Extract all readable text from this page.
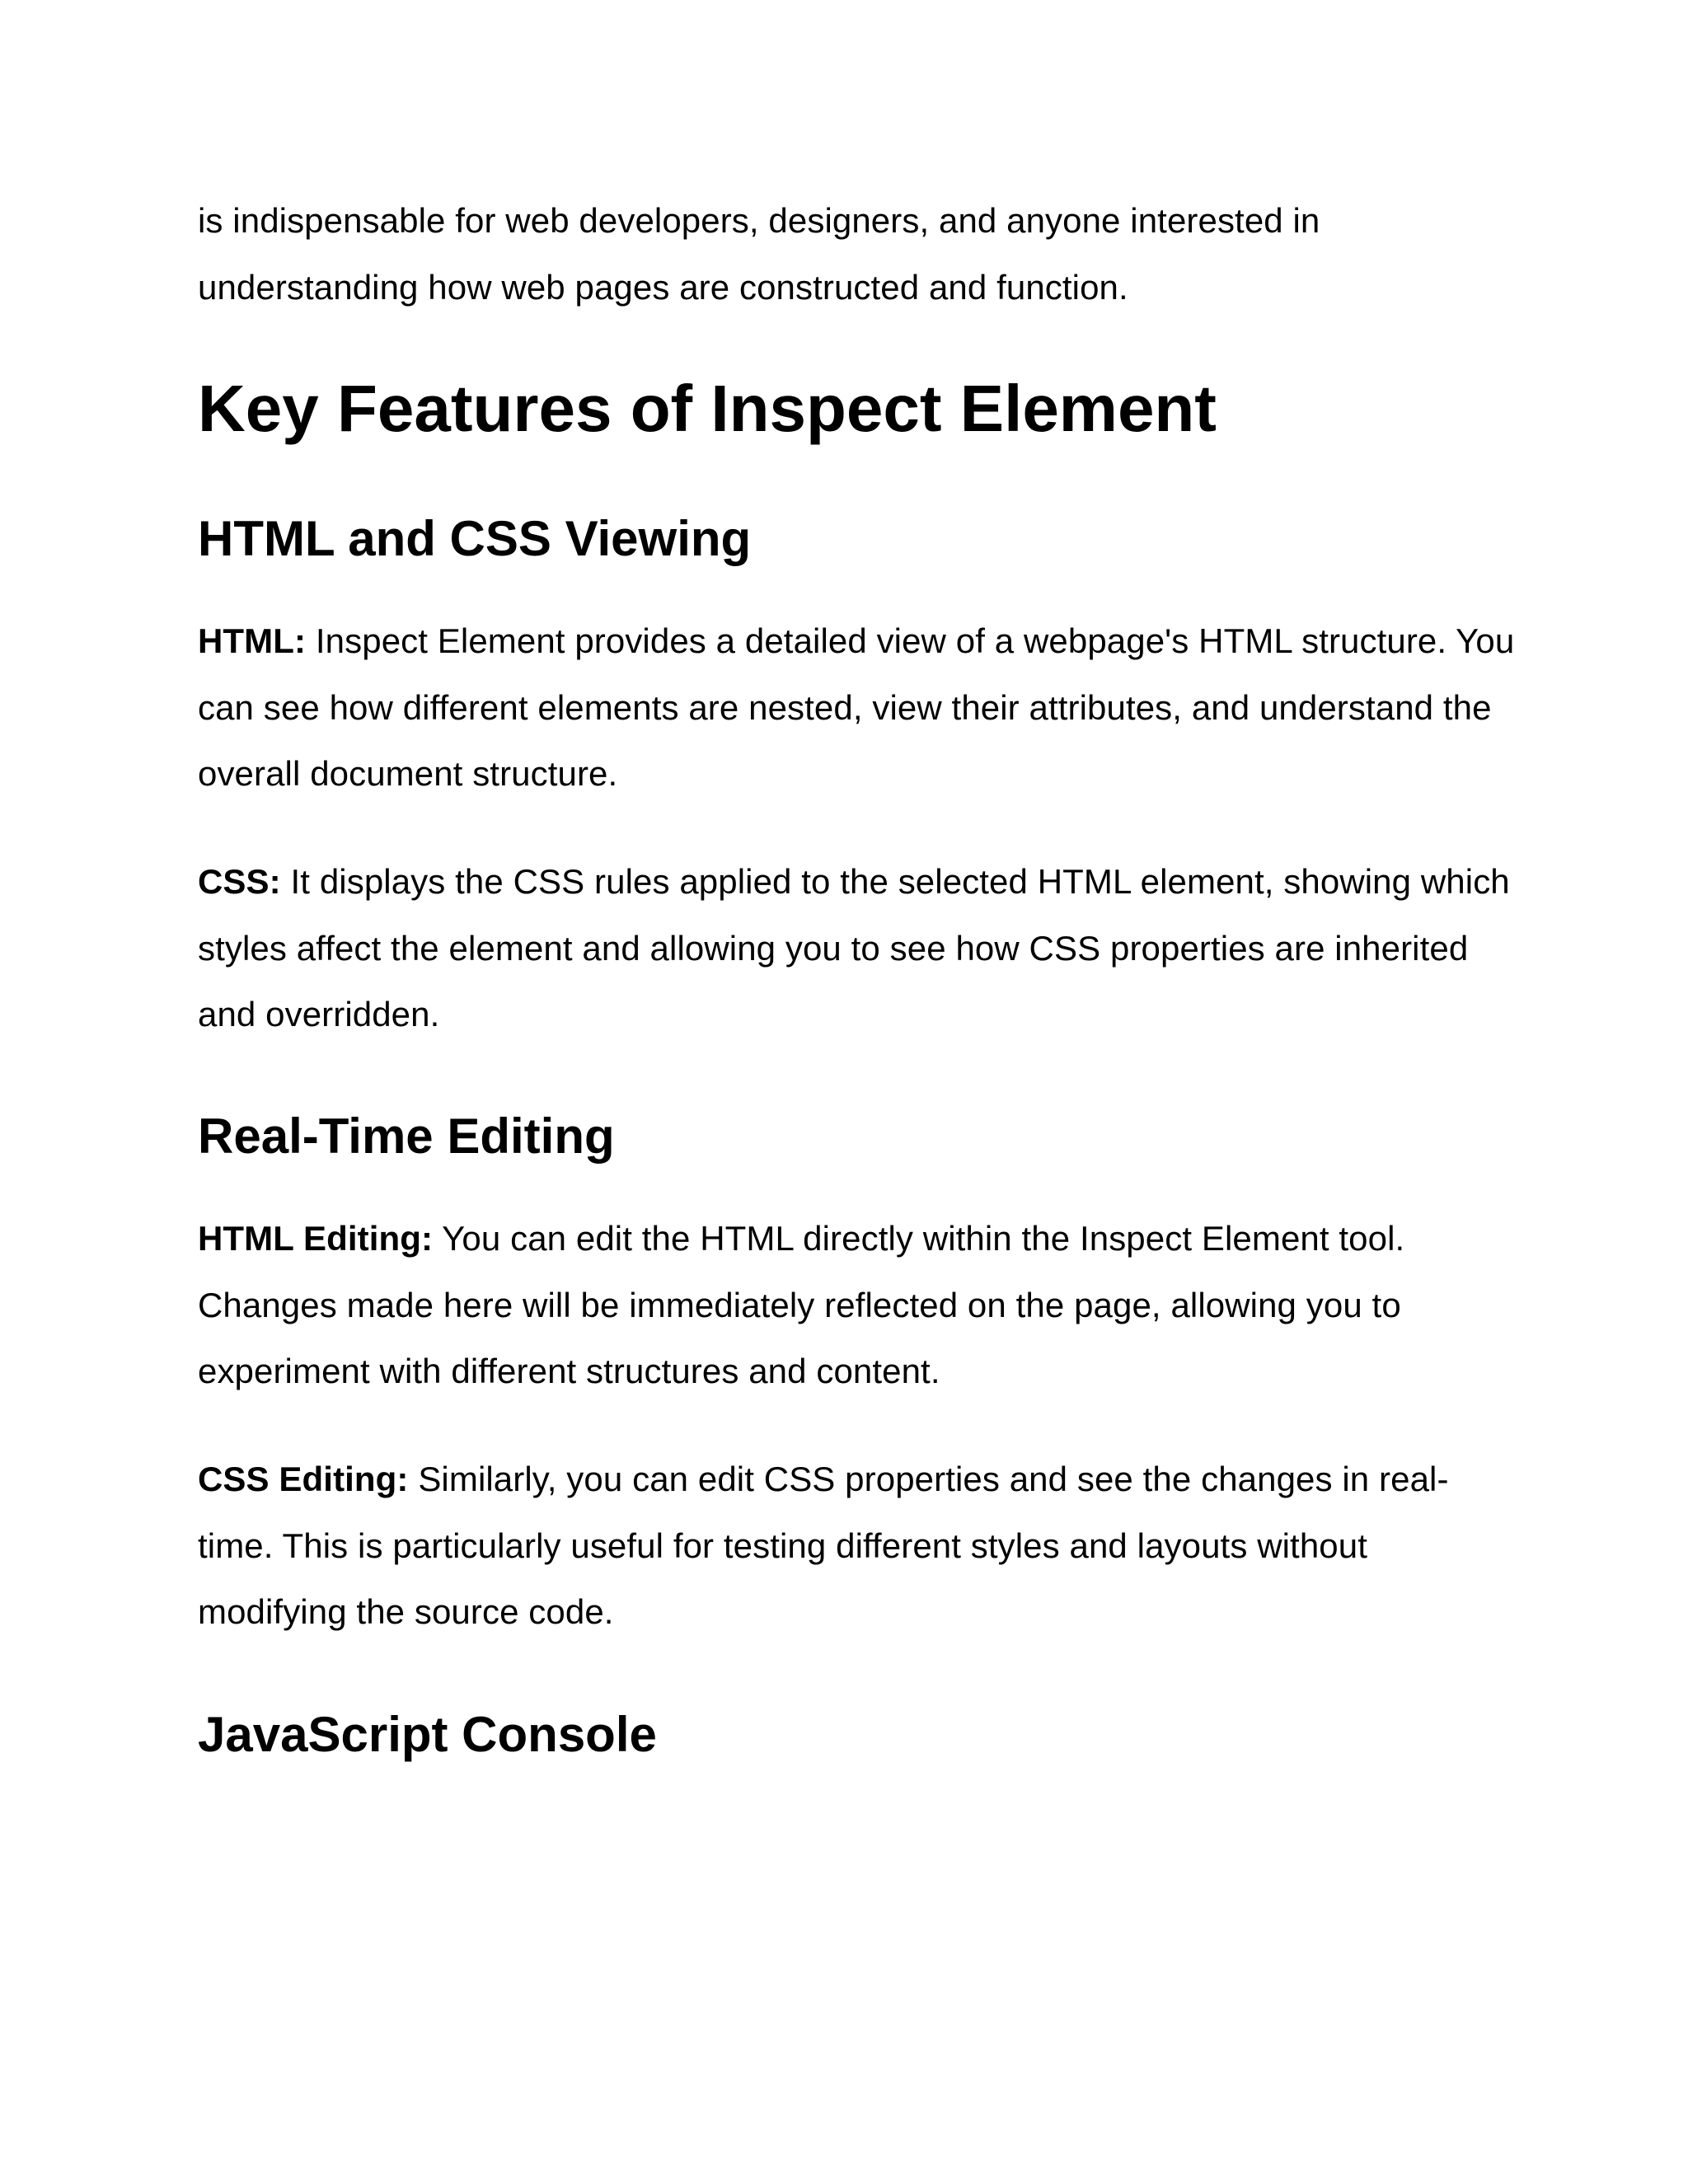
is indispensable for web developers, designers, and anyone interested in understanding how web pages are constructed and function.

Key Features of Inspect Element
HTML and CSS Viewing

HTML: Inspect Element provides a detailed view of a webpage's HTML structure. You can see how different elements are nested, view their attributes, and understand the overall document structure.

CSS: It displays the CSS rules applied to the selected HTML element, showing which styles affect the element and allowing you to see how CSS properties are inherited and overridden.

Real-Time Editing

HTML Editing: You can edit the HTML directly within the Inspect Element tool. Changes made here will be immediately reflected on the page, allowing you to experiment with different structures and content.

CSS Editing: Similarly, you can edit CSS properties and see the changes in real-time. This is particularly useful for testing different styles and layouts without modifying the source code.

JavaScript Console
